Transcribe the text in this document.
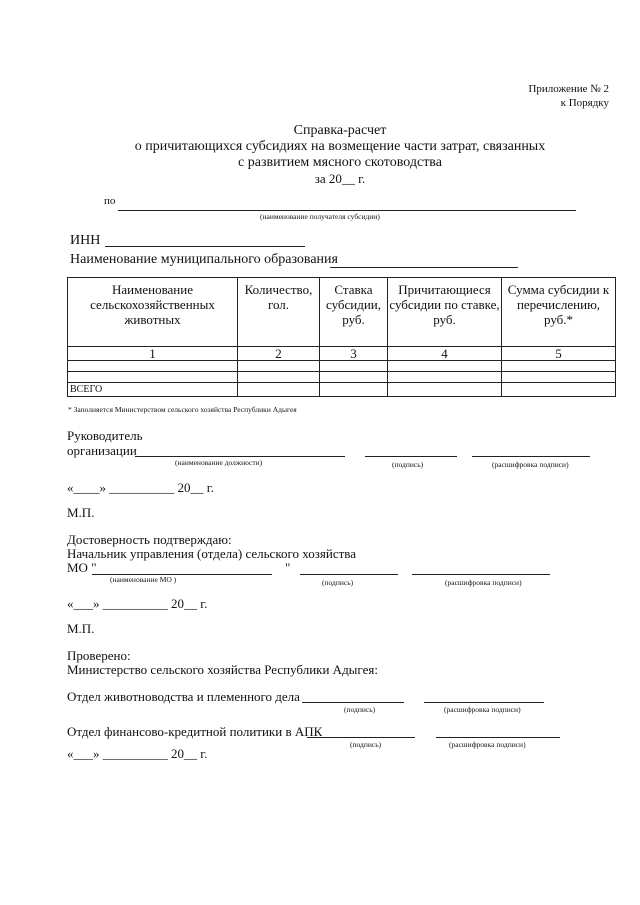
Приложение № 2
к Порядку
Справка-расчет
о причитающихся субсидиях на возмещение части затрат, связанных
с развитием мясного скотоводства
за 20__ г.
по
(наименование получателя субсидии)
ИНН
Наименование муниципального образования
Наименование сельскохозяйственных животных	Количество, гол.	Ставка субсидии, руб.	Причитающиеся субсидии по ставке, руб.	Сумма субсидии к перечислению, руб.*
1	2	3	4	5

ВСЕГО				
* Заполняется Министерством сельского хозяйства Республики Адыгея
Руководитель
организации
(наименование должности)	(подпись)	(расшифровка подписи)
«____» __________ 20__ г.
М.П.
Достоверность подтверждаю:
Начальник управления (отдела) сельского хозяйства
МО "	"
(наименование МО )	(подпись)	(расшифровка подписи)
«___» __________ 20__ г.
М.П.
Проверено:
Министерство сельского хозяйства Республики Адыгея:
Отдел животноводства и племенного дела
(подпись)	(расшифровка подписи)
Отдел финансово-кредитной политики в АПК
(подпись)	(расшифровка подписи)
«___» __________ 20__ г.
